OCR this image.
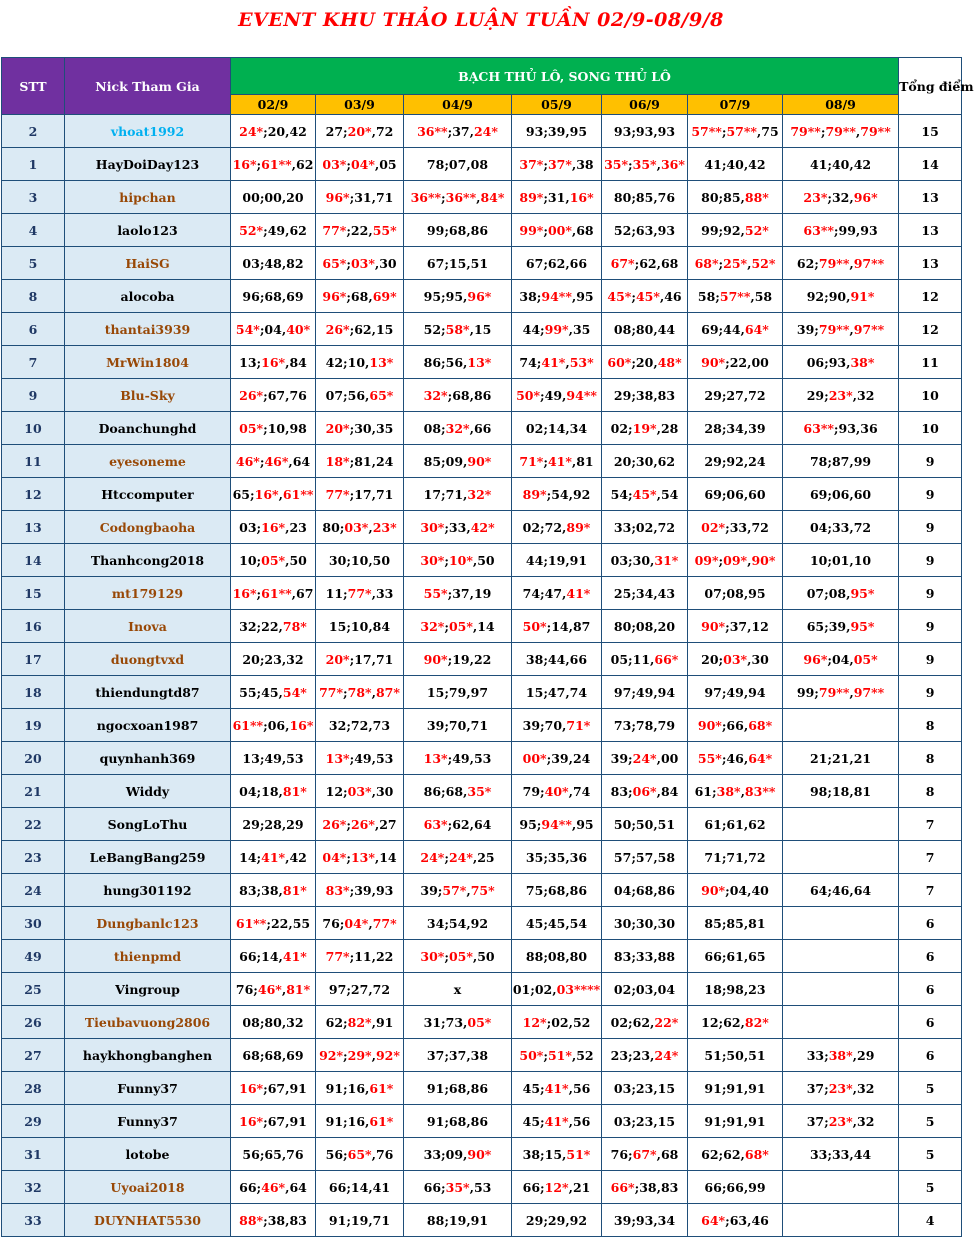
EVENT KHU THẢO LUẬN TUẦN 02/9-08/9/8
STT	Nick Tham Gia	BẠCH THỦ LÔ, SONG THỦ LÔ							Tổng điểm
		02/9	03/9	04/9	05/9	06/9	07/9	08/9	
2	vhoat1992	24*;20,42	27;20*,72	36**;37,24*	93;39,95	93;93,93	57**;57**,75	79**;79**,79**	15
1	HayDoiDay123	16*;61**,62	03*;04*,05	78;07,08	37*;37*,38	35*;35*,36*	41;40,42	41;40,42	14
3	hipchan	00;00,20	96*;31,71	36**;36**,84*	89*;31,16*	80;85,76	80;85,88*	23*;32,96*	13
4	laolo123	52*;49,62	77*;22,55*	99;68,86	99*;00*,68	52;63,93	99;92,52*	63**;99,93	13
5	HaiSG	03;48,82	65*;03*,30	67;15,51	67;62,66	67*;62,68	68*;25*,52*	62;79**,97**	13
8	alocoba	96;68,69	96*;68,69*	95;95,96*	38;94**,95	45*;45*,46	58;57**,58	92;90,91*	12
6	thantai3939	54*;04,40*	26*;62,15	52;58*,15	44;99*,35	08;80,44	69;44,64*	39;79**,97**	12
7	MrWin1804	13;16*,84	42;10,13*	86;56,13*	74;41*,53*	60*;20,48*	90*;22,00	06;93,38*	11
9	Blu-Sky	26*;67,76	07;56,65*	32*;68,86	50*;49,94**	29;38,83	29;27,72	29;23*,32	10
10	Doanchunghd	05*;10,98	20*;30,35	08;32*,66	02;14,34	02;19*,28	28;34,39	63**;93,36	10
11	eyesoneme	46*;46*,64	18*;81,24	85;09,90*	71*;41*,81	20;30,62	29;92,24	78;87,99	9
12	Htccomputer	65;16*,61**	77*;17,71	17;71,32*	89*;54,92	54;45*,54	69;06,60	69;06,60	9
13	Codongbaoha	03;16*,23	80;03*,23*	30*;33,42*	02;72,89*	33;02,72	02*;33,72	04;33,72	9
14	Thanhcong2018	10;05*,50	30;10,50	30*;10*,50	44;19,91	03;30,31*	09*;09*,90*	10;01,10	9
15	mt179129	16*;61**,67	11;77*,33	55*;37,19	74;47,41*	25;34,43	07;08,95	07;08,95*	9
16	Inova	32;22,78*	15;10,84	32*;05*,14	50*;14,87	80;08,20	90*;37,12	65;39,95*	9
17	duongtvxd	20;23,32	20*;17,71	90*;19,22	38;44,66	05;11,66*	20;03*,30	96*;04,05*	9
18	thiendungtd87	55;45,54*	77*;78*,87*	15;79,97	15;47,74	97;49,94	97;49,94	99;79**,97**	9
19	ngocxoan1987	61**;06,16*	32;72,73	39;70,71	39;70,71*	73;78,79	90*;66,68*		8
20	quynhanh369	13;49,53	13*;49,53	13*;49,53	00*;39,24	39;24*,00	55*;46,64*	21;21,21	8
21	Widdy	04;18,81*	12;03*,30	86;68,35*	79;40*,74	83;06*,84	61;38*,83**	98;18,81	8
22	SongLoThu	29;28,29	26*;26*,27	63*;62,64	95;94**,95	50;50,51	61;61,62		7
23	LeBangBang259	14;41*,42	04*;13*,14	24*;24*,25	35;35,36	57;57,58	71;71,72		7
24	hung301192	83;38,81*	83*;39,93	39;57*,75*	75;68,86	04;68,86	90*;04,40	64;46,64	7
30	Dungbanlc123	61**;22,55	76;04*,77*	34;54,92	45;45,54	30;30,30	85;85,81		6
49	thienpmd	66;14,41*	77*;11,22	30*;05*,50	88;08,80	83;33,88	66;61,65		6
25	Vingroup	76;46*,81*	97;27,72	x	01;02,03****	02;03,04	18;98,23		6
26	Tieubavuong2806	08;80,32	62;82*,91	31;73,05*	12*;02,52	02;62,22*	12;62,82*		6
27	haykhongbanghen	68;68,69	92*;29*,92*	37;37,38	50*;51*,52	23;23,24*	51;50,51	33;38*,29	6
28	Funny37	16*;67,91	91;16,61*	91;68,86	45;41*,56	03;23,15	91;91,91	37;23*,32	5
29	Funny37	16*;67,91	91;16,61*	91;68,86	45;41*,56	03;23,15	91;91,91	37;23*,32	5
31	lotobe	56;65,76	56;65*,76	33;09,90*	38;15,51*	76;67*,68	62;62,68*	33;33,44	5
32	Uyoai2018	66;46*,64	66;14,41	66;35*,53	66;12*,21	66*;38,83	66;66,99		5
33	DUYNHAT5530	88*;38,83	91;19,71	88;19,91	29;29,92	39;93,34	64*;63,46		4
